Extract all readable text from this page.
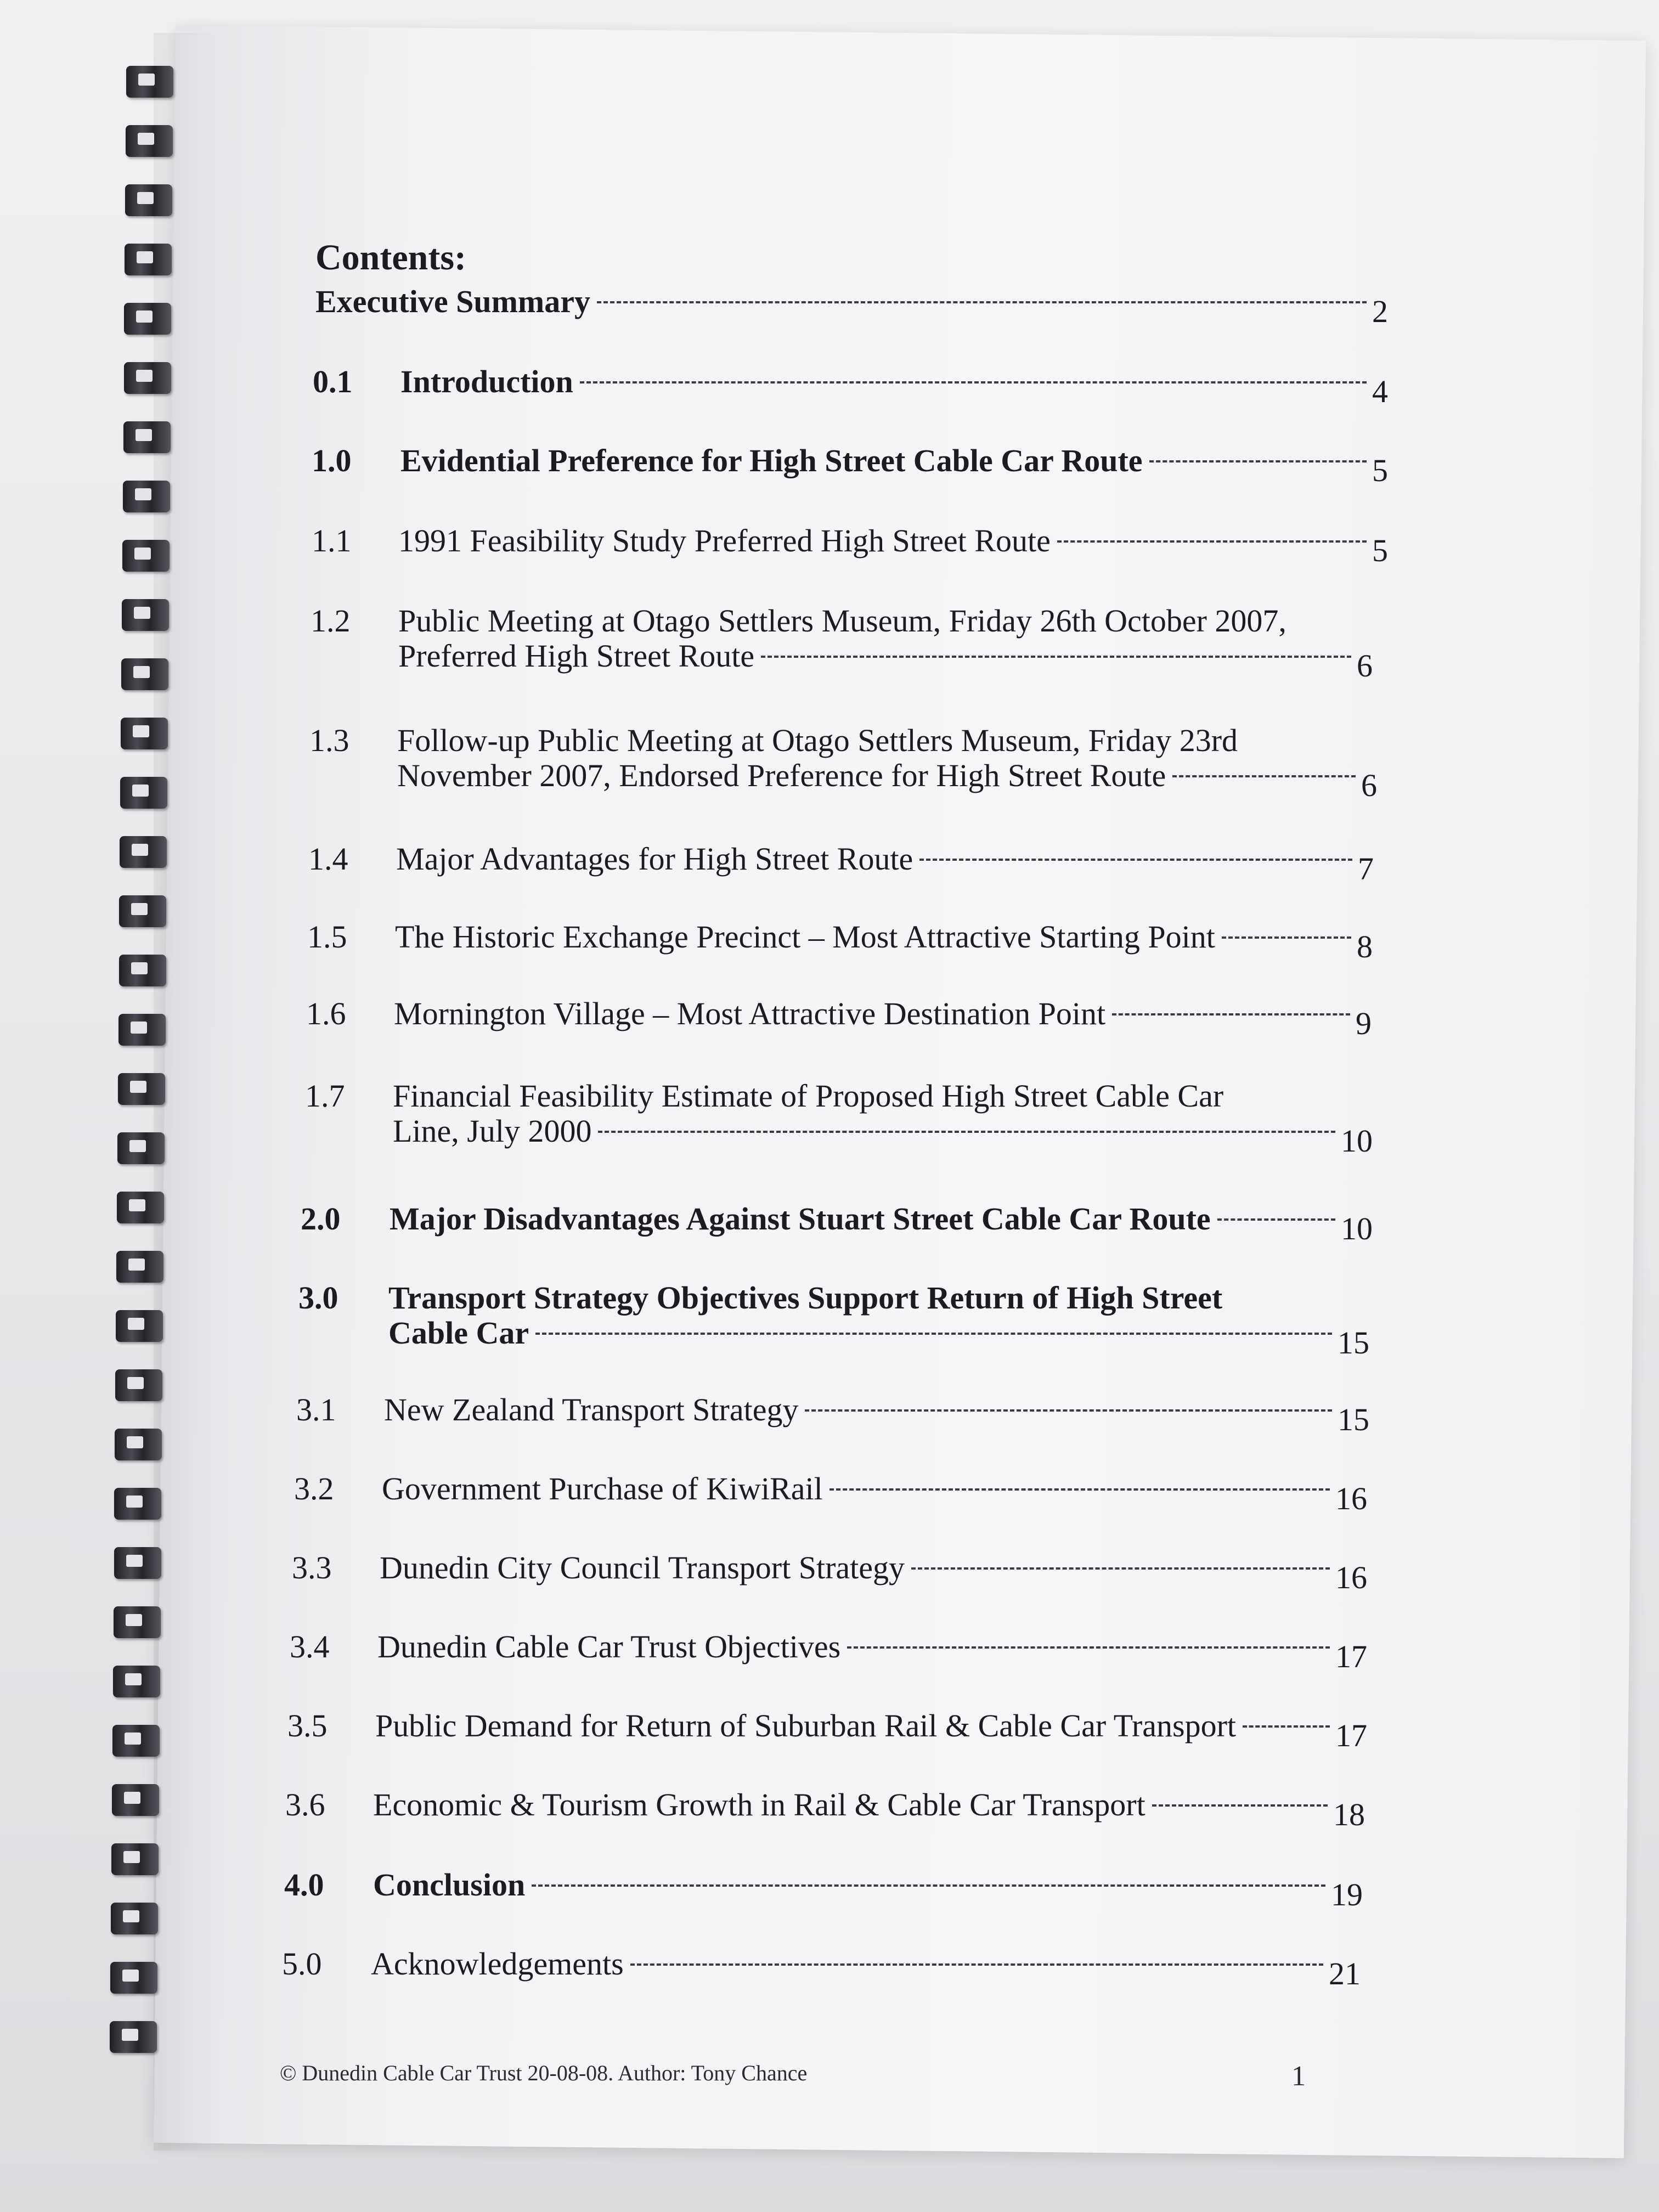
Contents:
Executive Summary	2
0.1 Introduction	4
1.0 Evidential Preference for High Street Cable Car Route	5
1.1 1991 Feasibility Study Preferred High Street Route	5
1.2 Public Meeting at Otago Settlers Museum, Friday 26th October 2007,
Preferred High Street Route	6
1.3 Follow-up Public Meeting at Otago Settlers Museum, Friday 23rd
November 2007, Endorsed Preference for High Street Route	6
1.4 Major Advantages for High Street Route	7
1.5 The Historic Exchange Precinct – Most Attractive Starting Point	8
1.6 Mornington Village – Most Attractive Destination Point	9
1.7 Financial Feasibility Estimate of Proposed High Street Cable Car
Line, July 2000	10
2.0 Major Disadvantages Against Stuart Street Cable Car Route	10
3.0 Transport Strategy Objectives Support Return of High Street
Cable Car	15
3.1 New Zealand Transport Strategy	15
3.2 Government Purchase of KiwiRail	16
3.3 Dunedin City Council Transport Strategy	16
3.4 Dunedin Cable Car Trust Objectives	17
3.5 Public Demand for Return of Suburban Rail & Cable Car Transport	17
3.6 Economic & Tourism Growth in Rail & Cable Car Transport	18
4.0 Conclusion	19
5.0 Acknowledgements	21
© Dunedin Cable Car Trust 20-08-08. Author: Tony Chance	1
